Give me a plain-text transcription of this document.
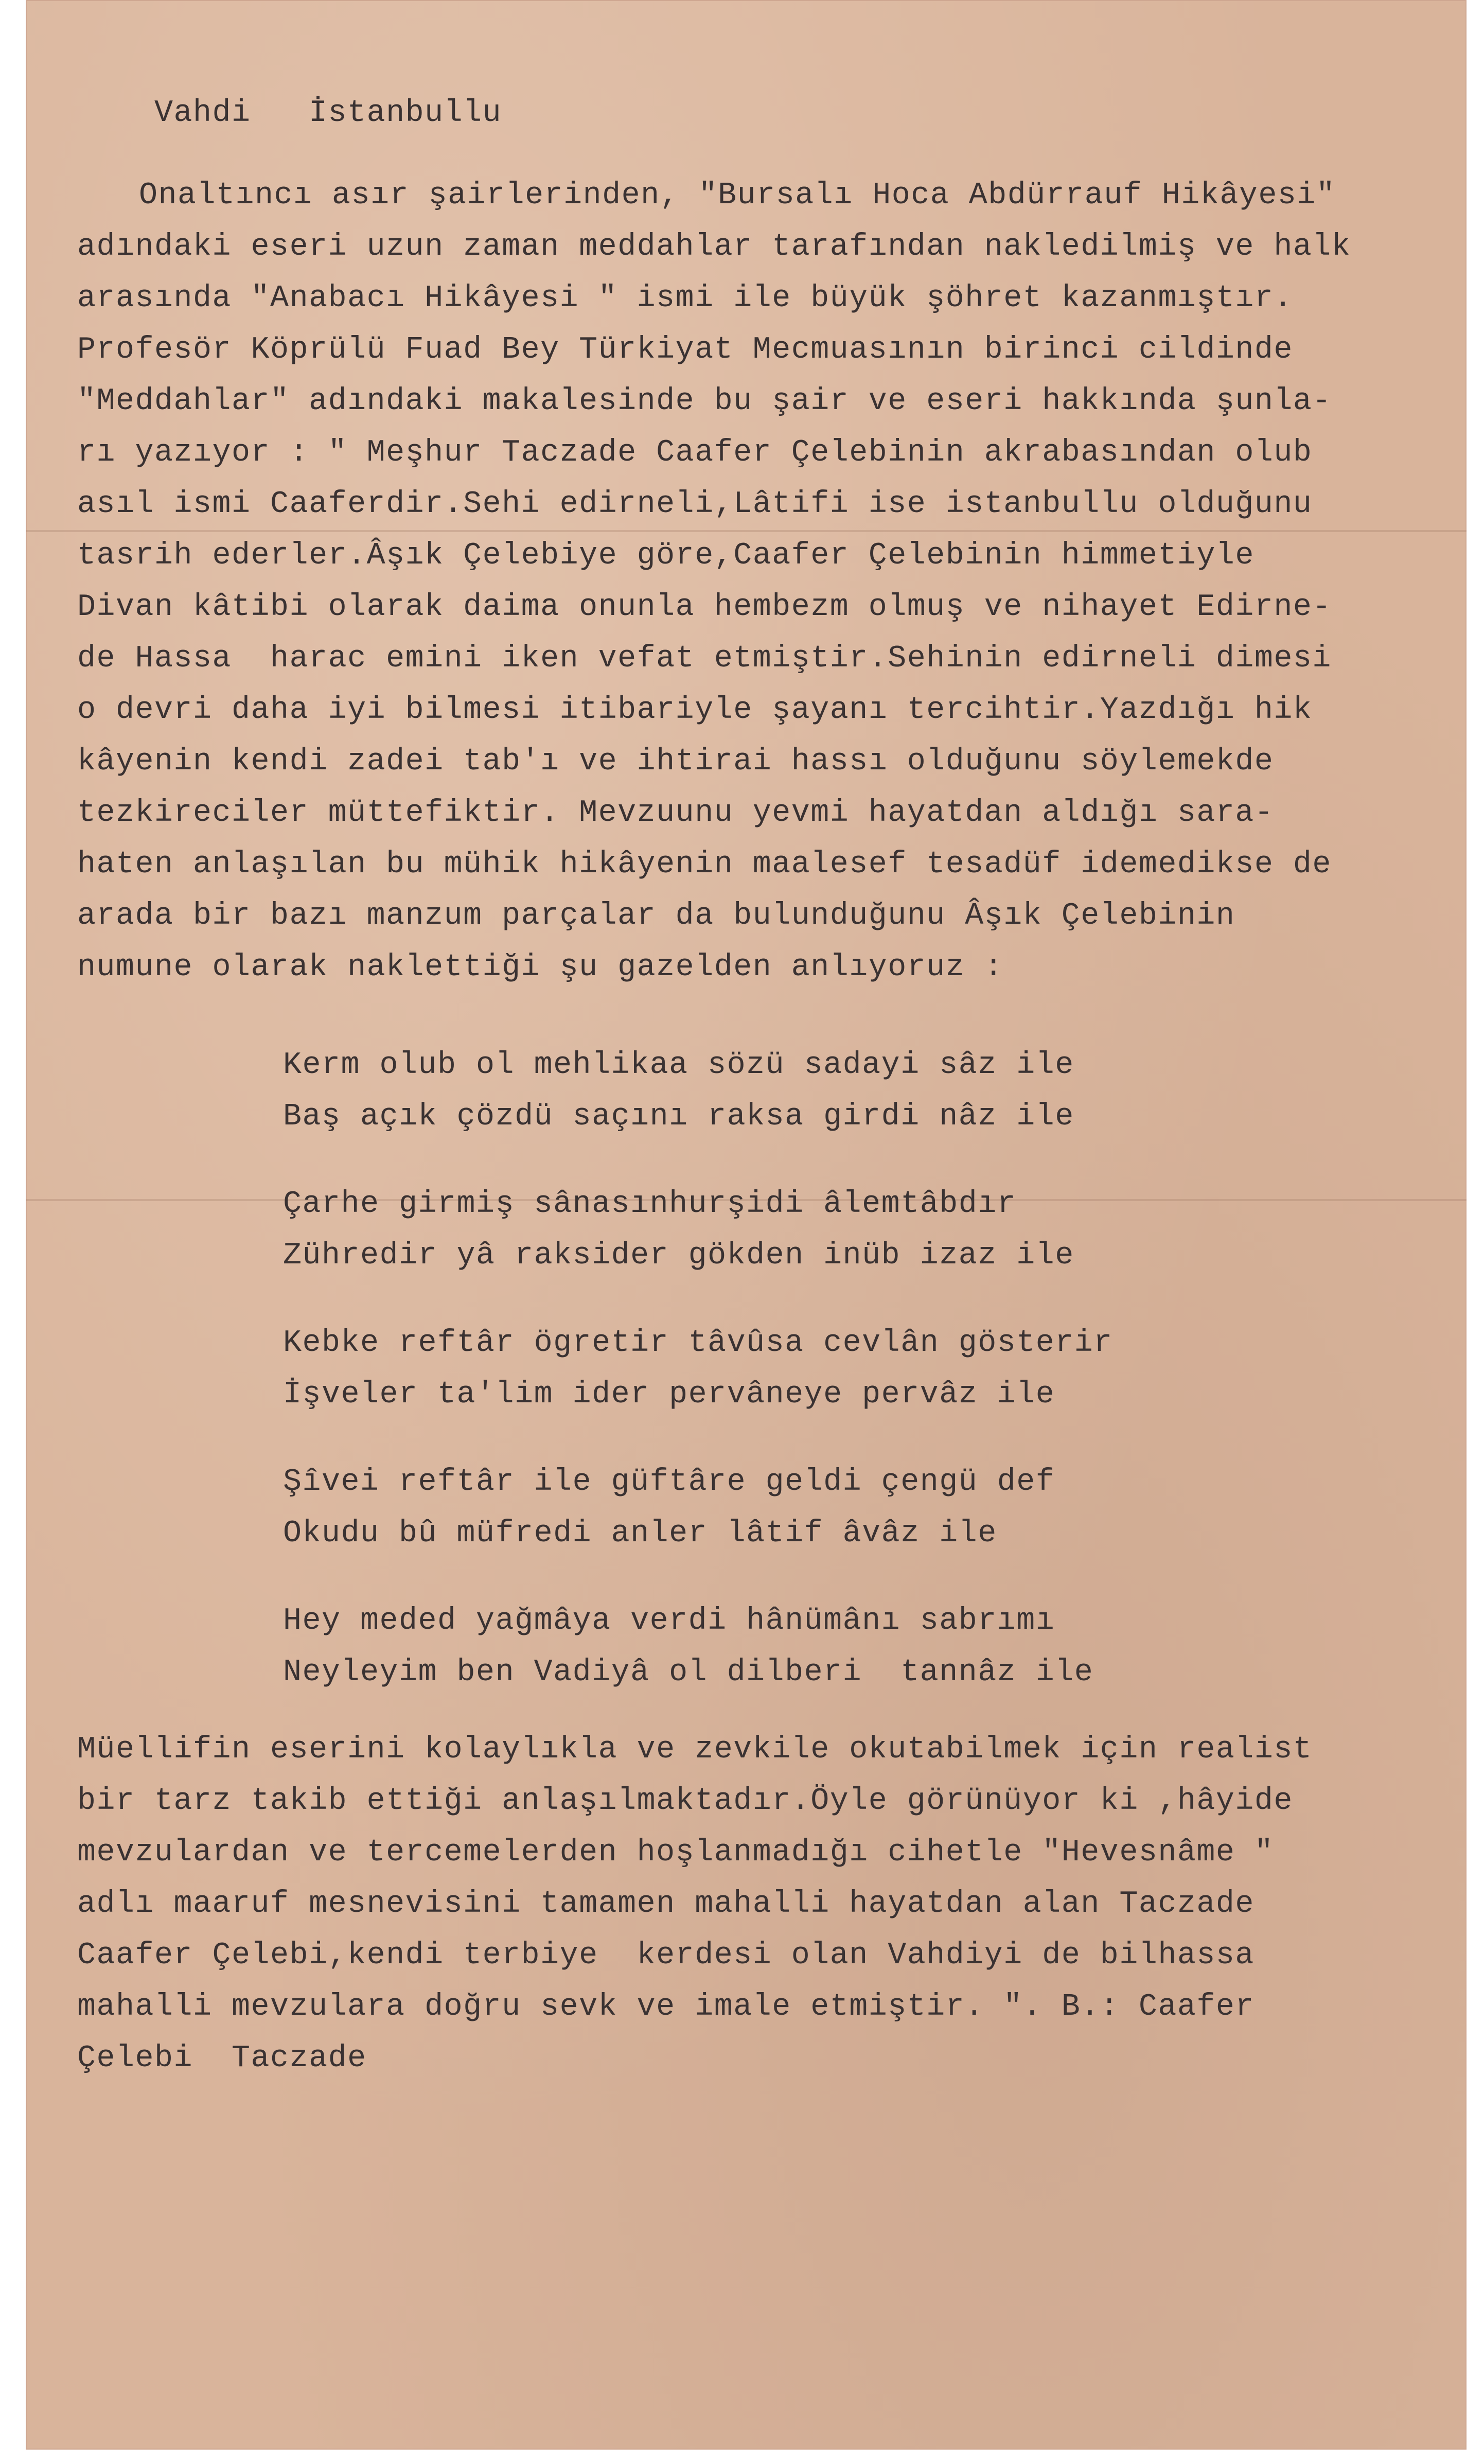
Vahdi   İstanbullu

Onaltıncı asır şairlerinden, "Bursalı Hoca Abdürrauf Hikâyesi"

adındaki eseri uzun zaman meddahlar tarafından nakledilmiş ve halk

arasında "Anabacı Hikâyesi " ismi ile büyük şöhret kazanmıştır.

Profesör Köprülü Fuad Bey Türkiyat Mecmuasının birinci cildinde

"Meddahlar" adındaki makalesinde bu şair ve eseri hakkında şunla-

rı yazıyor : " Meşhur Taczade Caafer Çelebinin akrabasından olub

asıl ismi Caaferdir.Sehi edirneli,Lâtifi ise istanbullu olduğunu

tasrih ederler.Âşık Çelebiye göre,Caafer Çelebinin himmetiyle

Divan kâtibi olarak daima onunla hembezm olmuş ve nihayet Edirne-

de Hassa  harac emini iken vefat etmiştir.Sehinin edirneli dimesi

o devri daha iyi bilmesi itibariyle şayanı tercihtir.Yazdığı hik

kâyenin kendi zadei tab'ı ve ihtirai hassı olduğunu söylemekde

tezkireciler müttefiktir. Mevzuunu yevmi hayatdan aldığı sara-

haten anlaşılan bu mühik hikâyenin maalesef tesadüf idemedikse de

arada bir bazı manzum parçalar da bulunduğunu Âşık Çelebinin

numune olarak naklettiği şu gazelden anlıyoruz :

Kerm olub ol mehlikaa sözü sadayi sâz ile

Baş açık çözdü saçını raksa girdi nâz ile

Çarhe girmiş sânasınhurşidi âlemtâbdır

Zühredir yâ raksider gökden inüb izaz ile

Kebke reftâr ögretir tâvûsa cevlân gösterir

İşveler ta'lim ider pervâneye pervâz ile

Şîvei reftâr ile güftâre geldi çengü def

Okudu bû müfredi anler lâtif âvâz ile

Hey meded yağmâya verdi hânümânı sabrımı

Neyleyim ben Vadiyâ ol dilberi  tannâz ile

Müellifin eserini kolaylıkla ve zevkile okutabilmek için realist

bir tarz takib ettiği anlaşılmaktadır.Öyle görünüyor ki ,hâyide

mevzulardan ve tercemelerden hoşlanmadığı cihetle "Hevesnâme "

adlı maaruf mesnevisini tamamen mahalli hayatdan alan Taczade

Caafer Çelebi,kendi terbiye  kerdesi olan Vahdiyi de bilhassa

mahalli mevzulara doğru sevk ve imale etmiştir. ". B.: Caafer

Çelebi  Taczade
